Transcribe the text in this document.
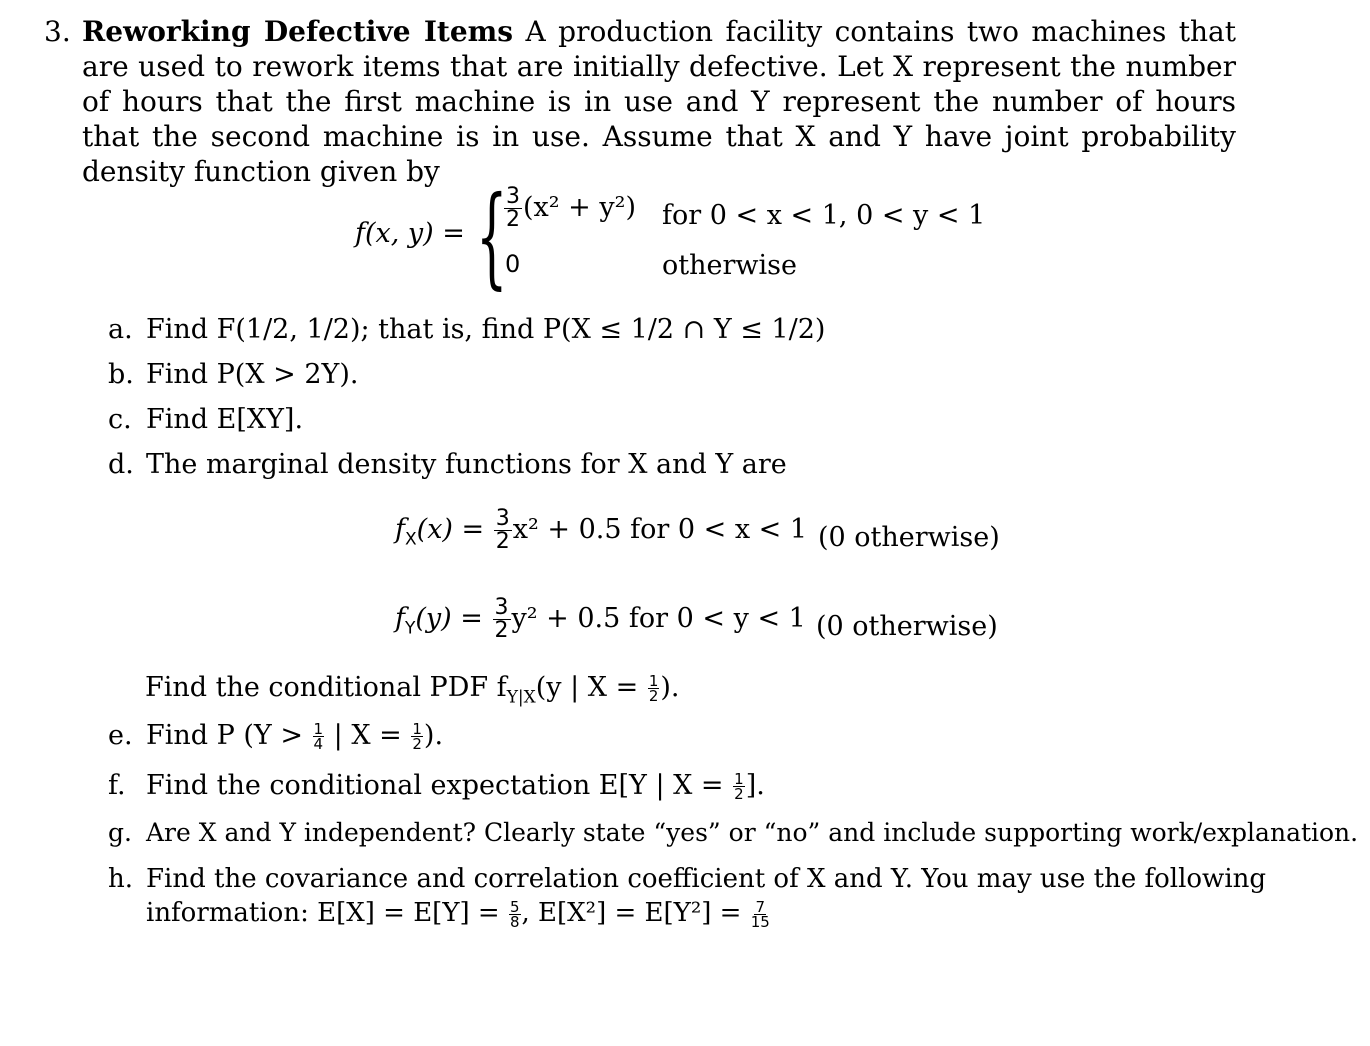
3. Reworking Defective Items A production facility contains two machines that are used to rework items that are initially defective. Let X represent the number of hours that the first machine is in use and Y represent the number of hours that the second machine is in use. Assume that X and Y have joint probability density function given by
f(x, y) = {
$\frac{3}{2} (x^2 + y^2)$ for 0 < x < 1, 0 < y < 1
0	otherwise
a. Find F(1/2, 1/2); that is, find P(X ≤ 1/2 ∩ Y ≤ 1/2)
b. Find P(X > 2Y).
c. Find E[XY].
d. The marginal density functions for X and Y are
$f_X(x) = \frac{3}{2} x^2 + 0.5$ for 0 < x < 1 (0 otherwise)
$f_Y(y) = \frac{3}{2} y^2 + 0.5$ for 0 < y < 1 (0 otherwise)
Find the conditional PDF $f_{Y|X}(y$ | $X = \frac{1}{2}$ ).
e. Find P ($Y > \frac{1}{4}$ | $X = \frac{1}{2}$ ).
f. Find the conditional expectation E[Y | $X = \frac{1}{2}$ ].
g. Are X and Y independent? Clearly state “yes” or “no” and include supporting work/explanation.
h. Find the covariance and correlation coefficient of X and Y. You may use the following
information: $E[X] = E[Y] = \frac{5}{8}$ , $E[X^2] = E[Y^2] = \frac{7}{15}$
